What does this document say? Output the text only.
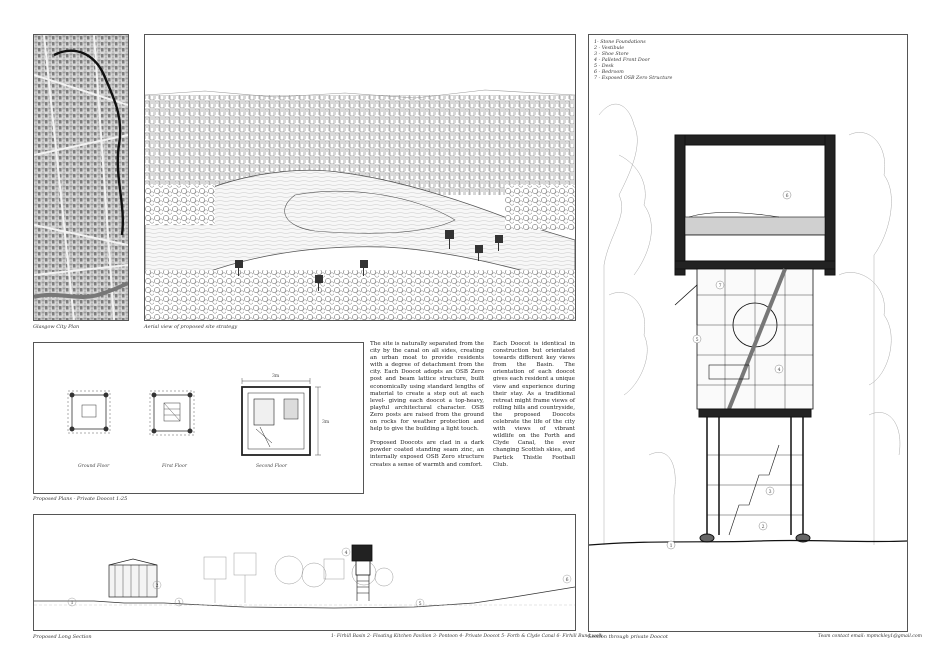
Glasgow City Plan	Aerial view of proposed site strategy
3m
3m
Ground Floor	First Floor	Second Floor
Proposed Plans - Private Doocot 1:25

The site is naturally separated from the city by the canal on all sides, creating an urban moat to provide residents with a degree of detachment from the city. Each Doocot adopts an OSB Zero post and beam lattice structure, built economically using standard lengths of material to create a step out at each level- giving each doocot a top-heavy, playful architectural character. OSB Zero posts are raised from the ground on rocks for weather protection and help to give the building a light touch.

Proposed Doocots are clad in a dark powder coated standing seam zinc, an internally exposed OSB Zero structure creates a sense of warmth and comfort.

Each Doocot is identical in construction but orientated towards different key views from the Basin. The orientation of each doocot gives each resident a unique view and experience during their stay. As a traditional retreat might frame views of rolling hills and countryside, the proposed Doocots celebrate the life of the city with views of vibrant wildlife on the Forth and Clyde Canal, the ever changing Scottish skies, and Partick Thistle Football Club.

1
2
3
4
5
6
Proposed Long Section	1- Firhill Basin 2- Floating Kitchen Pavilion 3- Pontoon 4- Private Doocot 5- Forth & Clyde Canal 6- Firhill Bund walk
6
7
5
4
3
2
1
1- Stone Foundations
2 - Vestibule
3 - Shoe Store
4 - Palleted Front Door
5 - Desk
6 - Bedroom
7 - Exposed OSB Zero Structure
Section through private Doocot	Team contact email: mpmckley1@gmail.com
